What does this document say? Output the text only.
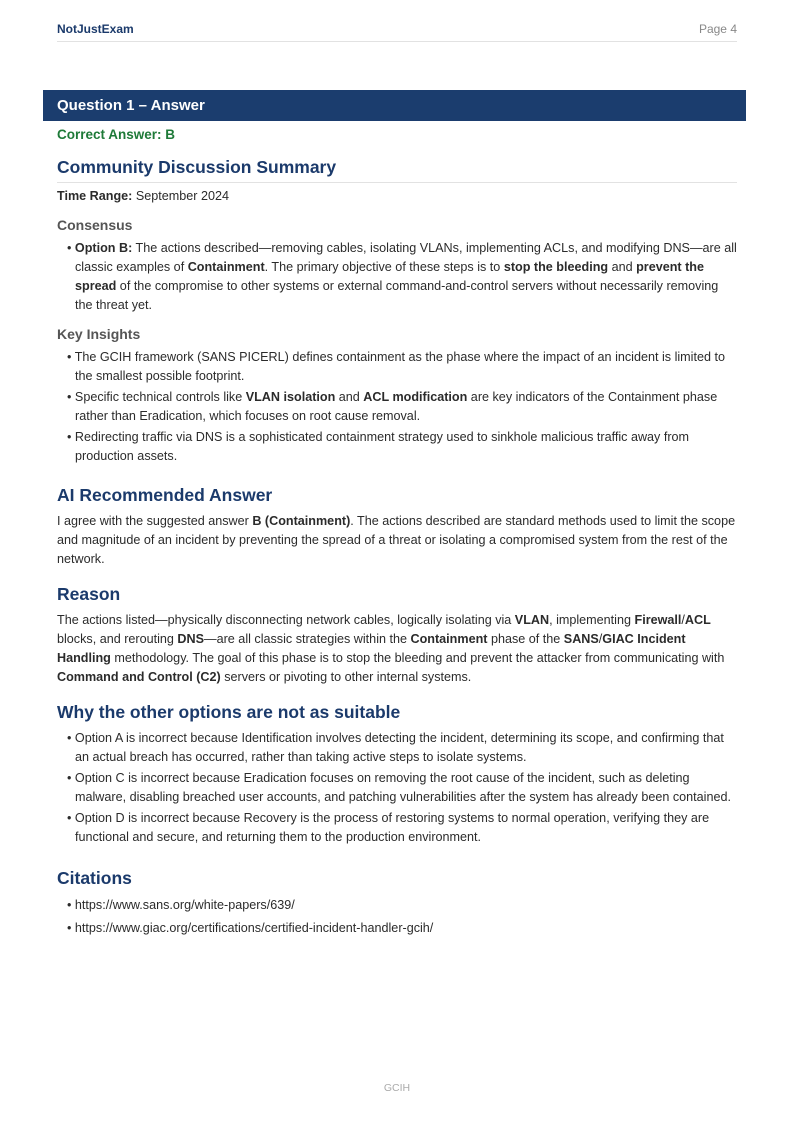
NotJustExam	Page 4
Question 1 – Answer
Correct Answer: B
Community Discussion Summary
Time Range: September 2024
Consensus
• Option B: The actions described—removing cables, isolating VLANs, implementing ACLs, and modifying DNS—are all classic examples of Containment. The primary objective of these steps is to stop the bleeding and prevent the spread of the compromise to other systems or external command-and-control servers without necessarily removing the threat yet.
Key Insights
• The GCIH framework (SANS PICERL) defines containment as the phase where the impact of an incident is limited to the smallest possible footprint.
• Specific technical controls like VLAN isolation and ACL modification are key indicators of the Containment phase rather than Eradication, which focuses on root cause removal.
• Redirecting traffic via DNS is a sophisticated containment strategy used to sinkhole malicious traffic away from production assets.
AI Recommended Answer
I agree with the suggested answer B (Containment). The actions described are standard methods used to limit the scope and magnitude of an incident by preventing the spread of a threat or isolating a compromised system from the rest of the network.
Reason
The actions listed—physically disconnecting network cables, logically isolating via VLAN, implementing Firewall/ACL blocks, and rerouting DNS—are all classic strategies within the Containment phase of the SANS/GIAC Incident Handling methodology. The goal of this phase is to stop the bleeding and prevent the attacker from communicating with Command and Control (C2) servers or pivoting to other internal systems.
Why the other options are not as suitable
• Option A is incorrect because Identification involves detecting the incident, determining its scope, and confirming that an actual breach has occurred, rather than taking active steps to isolate systems.
• Option C is incorrect because Eradication focuses on removing the root cause of the incident, such as deleting malware, disabling breached user accounts, and patching vulnerabilities after the system has already been contained.
• Option D is incorrect because Recovery is the process of restoring systems to normal operation, verifying they are functional and secure, and returning them to the production environment.
Citations
• https://www.sans.org/white-papers/639/
• https://www.giac.org/certifications/certified-incident-handler-gcih/
GCIH
